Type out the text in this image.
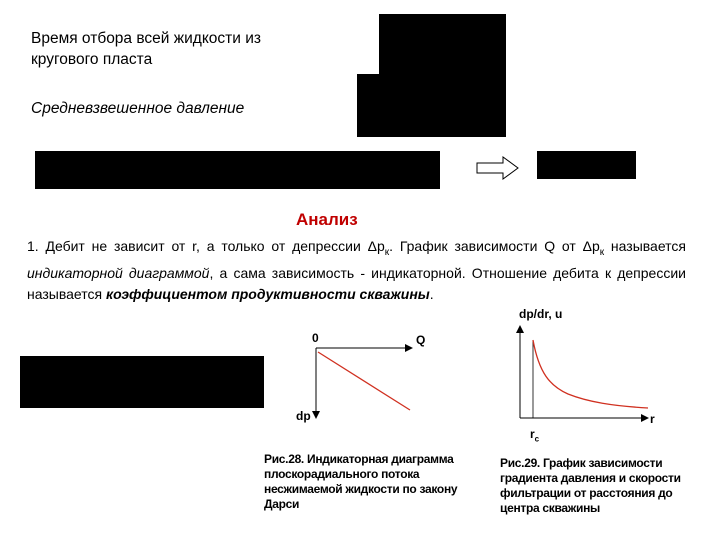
Время отбора всей жидкости из
кругового пласта
Средневзвешенное давление
Анализ
1. Дебит не зависит от r, а только от депрессии $\Delta p_к$. График зависимости Q от $\Delta p_к$ называется индикаторной диаграммой, а сама зависимость - индикаторной. Отношение дебита к депрессии называется коэффициентом продуктивности скважины.
0	Q
dp
Рис.28. Индикаторная диаграмма плоскорадиального потока несжимаемой жидкости по закону Дарси
dp/dr, u
r
$r_c$
Рис.29. График зависимости градиента давления и скорости фильтрации от расстояния до центра скважины
